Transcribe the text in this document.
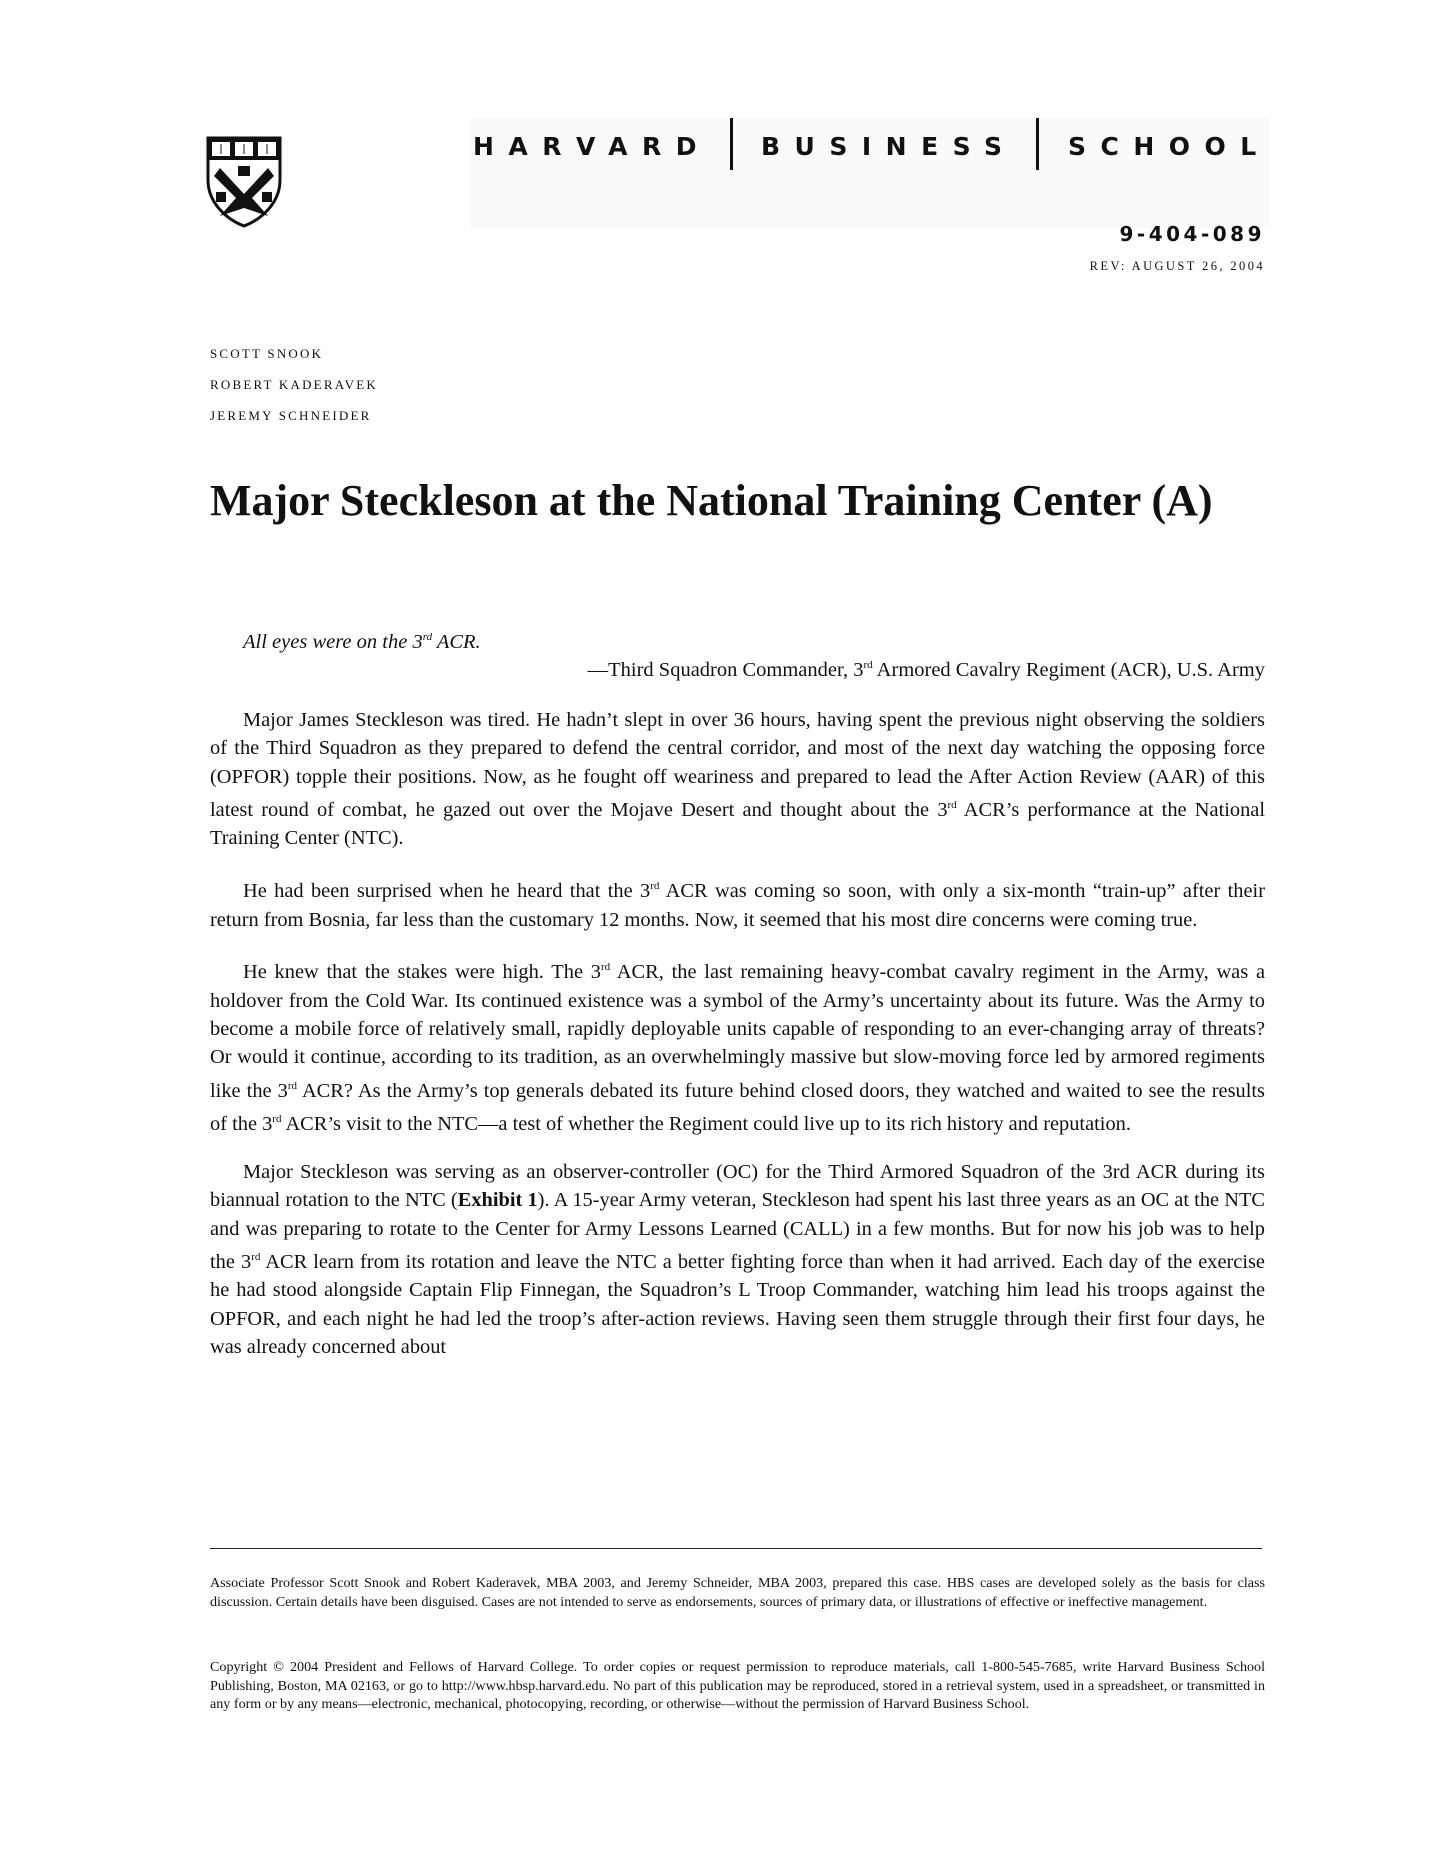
HARVARD BUSINESS SCHOOL
9-404-089
REV: AUGUST 26, 2004
SCOTT SNOOK
ROBERT KADERAVEK
JEREMY SCHNEIDER
Major Steckleson at the National Training Center (A)
All eyes were on the 3rd ACR.
—Third Squadron Commander, 3rd Armored Cavalry Regiment (ACR), U.S. Army

Major James Steckleson was tired. He hadn’t slept in over 36 hours, having spent the previous night observing the soldiers of the Third Squadron as they prepared to defend the central corridor, and most of the next day watching the opposing force (OPFOR) topple their positions. Now, as he fought off weariness and prepared to lead the After Action Review (AAR) of this latest round of combat, he gazed out over the Mojave Desert and thought about the 3rd ACR’s performance at the National Training Center (NTC).

He had been surprised when he heard that the 3rd ACR was coming so soon, with only a six-month “train-up” after their return from Bosnia, far less than the customary 12 months. Now, it seemed that his most dire concerns were coming true.

He knew that the stakes were high. The 3rd ACR, the last remaining heavy-combat cavalry regiment in the Army, was a holdover from the Cold War. Its continued existence was a symbol of the Army’s uncertainty about its future. Was the Army to become a mobile force of relatively small, rapidly deployable units capable of responding to an ever-changing array of threats? Or would it continue, according to its tradition, as an overwhelmingly massive but slow-moving force led by armored regiments like the 3rd ACR? As the Army’s top generals debated its future behind closed doors, they watched and waited to see the results of the 3rd ACR’s visit to the NTC—a test of whether the Regiment could live up to its rich history and reputation.

Major Steckleson was serving as an observer-controller (OC) for the Third Armored Squadron of the 3rd ACR during its biannual rotation to the NTC (Exhibit 1). A 15-year Army veteran, Steckleson had spent his last three years as an OC at the NTC and was preparing to rotate to the Center for Army Lessons Learned (CALL) in a few months. But for now his job was to help the 3rd ACR learn from its rotation and leave the NTC a better fighting force than when it had arrived. Each day of the exercise he had stood alongside Captain Flip Finnegan, the Squadron’s L Troop Commander, watching him lead his troops against the OPFOR, and each night he had led the troop’s after-action reviews. Having seen them struggle through their first four days, he was already concerned about

Associate Professor Scott Snook and Robert Kaderavek, MBA 2003, and Jeremy Schneider, MBA 2003, prepared this case. HBS cases are developed solely as the basis for class discussion. Certain details have been disguised. Cases are not intended to serve as endorsements, sources of primary data, or illustrations of effective or ineffective management.

Copyright © 2004 President and Fellows of Harvard College. To order copies or request permission to reproduce materials, call 1-800-545-7685, write Harvard Business School Publishing, Boston, MA 02163, or go to http://www.hbsp.harvard.edu. No part of this publication may be reproduced, stored in a retrieval system, used in a spreadsheet, or transmitted in any form or by any means—electronic, mechanical, photocopying, recording, or otherwise—without the permission of Harvard Business School.
